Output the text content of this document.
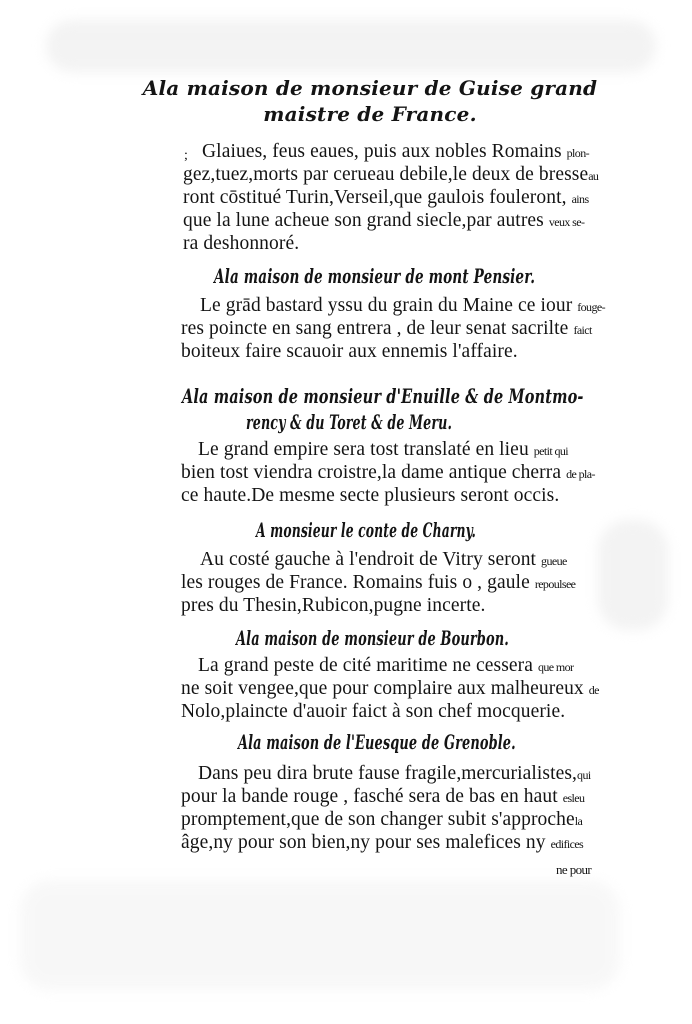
Ala maison de monsieur de Guise grand
maistre de France.
; Glaiues, feus eaues, puis aux nobles Romains plon-
gez,tuez,morts par cerueau debile,le deux de bresseau
ront cōstitué Turin,Verseil,que gaulois fouleront, ains
que la lune acheue son grand siecle,par autres veux se-
ra deshonnoré.
Ala maison de monsieur de mont Pensier.
Le grād bastard yssu du grain du Maine ce iour fouge-
res poincte en sang entrera , de leur senat sacrilte faict
boiteux faire scauoir aux ennemis l'affaire.
Ala maison de monsieur d'Enuille & de Montmo-
rency & du Toret & de Meru.
Le grand empire sera tost translaté en lieu petit qui
bien tost viendra croistre,la dame antique cherra de pla-
ce haute.De mesme secte plusieurs seront occis.
A monsieur le conte de Charny.
Au costé gauche à l'endroit de Vitry seront gueue
les rouges de France. Romains fuis o , gaule repoulsee
pres du Thesin,Rubicon,pugne incerte.
Ala maison de monsieur de Bourbon.
La grand peste de cité maritime ne cessera que mor
ne soit vengee,que pour complaire aux malheureux de
Nolo,plaincte d'auoir faict à son chef mocquerie.
Ala maison de l'Euesque de Grenoble.
Dans peu dira brute fause fragile,mercurialistes,qui
pour la bande rouge , fasché sera de bas en haut esleu
promptement,que de son changer subit s'approchela
âge,ny pour son bien,ny pour ses malefices ny edifices
ne pour
